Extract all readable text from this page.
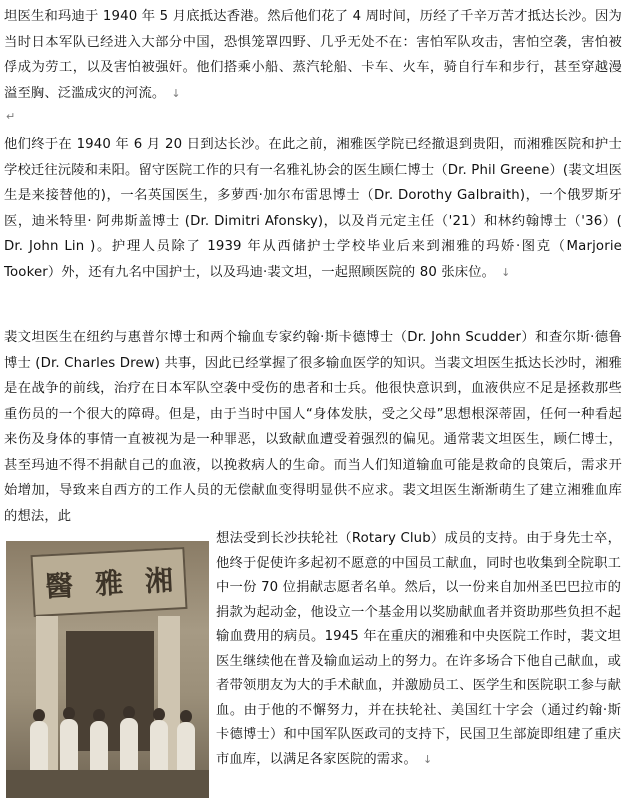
坦医生和玛迪于 1940 年 5 月底抵达香港。然后他们花了 4 周时间，历经了千辛万苦才抵达长沙。因为当时日本军队已经进入大部分中国，恐惧笼罩四野、几乎无处不在：害怕军队攻击，害怕空袭，害怕被俘成为劳工，以及害怕被强奸。他们搭乘小船、蒸汽轮船、卡车、火车，骑自行车和步行，甚至穿越漫溢至胸、泛滥成灾的河流。 ↓

↵

他们终于在 1940 年 6 月 20 日到达长沙。在此之前，湘雅医学院已经撤退到贵阳，而湘雅医院和护士学校迁往沅陵和耒阳。留守医院工作的只有一名雅礼协会的医生顾仁博士（Dr. Phil Greene）(裴文坦医生是来接替他的)，一名英国医生，多萝西·加尔布雷思博士（Dr. Dorothy Galbraith)，一个俄罗斯牙医，迪米特里· 阿弗斯盖博士 (Dr. Dimitri Afonsky)，以及肖元定主任（'21）和林约翰博士（'36）( Dr. John Lin )。护理人员除了 1939 年从西储护士学校毕业后来到湘雅的玛娇·图克（Marjorie Tooker）外，还有九名中国护士，以及玛迪·裴文坦，一起照顾医院的 80 张床位。 ↓

裴文坦医生在纽约与惠普尔博士和两个输血专家约翰·斯卡德博士（Dr. John Scudder）和查尔斯·德鲁博士 (Dr. Charles Drew) 共事，因此已经掌握了很多输血医学的知识。当裴文坦医生抵达长沙时，湘雅是在战争的前线，治疗在日本军队空袭中受伤的患者和士兵。他很快意识到，血液供应不足是拯救那些重伤员的一个很大的障碍。但是，由于当时中国人“身体发肤，受之父母”思想根深蒂固，任何一种看起来伤及身体的事情一直被视为是一种罪恶，以致献血遭受着强烈的偏见。通常裴文坦医生，顾仁博士，甚至玛迪不得不捐献自己的血液，以挽救病人的生命。而当人们知道输血可能是救命的良策后，需求开始增加，导致来自西方的工作人员的无偿献血变得明显供不应求。裴文坦医生渐渐萌生了建立湘雅血库的想法，此

醫 雅 湘

想法受到长沙扶轮社（Rotary Club）成员的支持。由于身先士卒，他终于促使许多起初不愿意的中国员工献血，同时也收集到全院职工中一份 70 位捐献志愿者名单。然后，以一份来自加州圣巴巴拉市的捐款为起动金，他设立一个基金用以奖励献血者并资助那些负担不起输血费用的病员。1945 年在重庆的湘雅和中央医院工作时，裴文坦医生继续他在普及输血运动上的努力。在许多场合下他自己献血，或者带领朋友为大的手术献血，并激励员工、医学生和医院职工参与献血。由于他的不懈努力，并在扶轮社、美国红十字会（通过约翰·斯卡德博士）和中国军队医政司的支持下，民国卫生部旋即组建了重庆市血库，以满足各家医院的需求。 ↓
